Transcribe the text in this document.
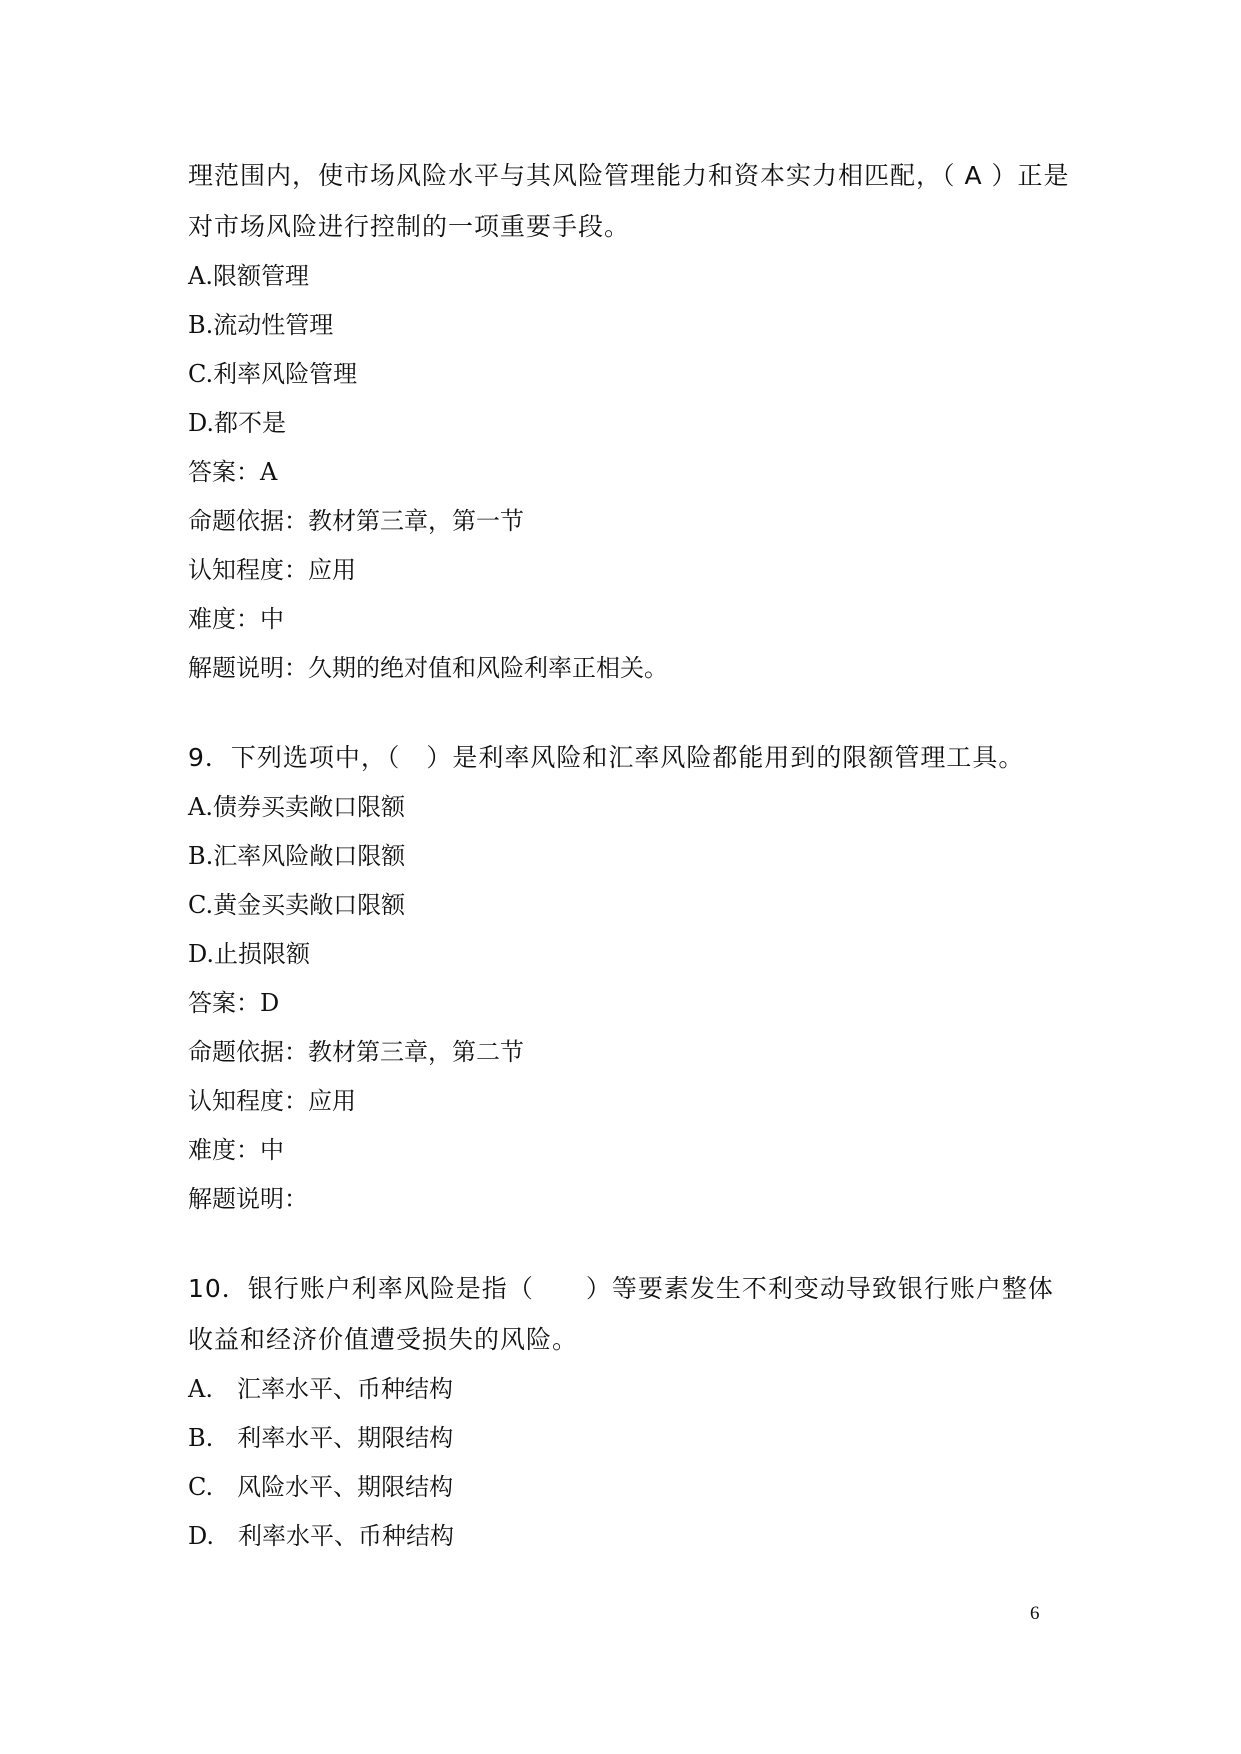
理范围内，使市场风险水平与其风险管理能力和资本实力相匹配，（ A ）正是对市场风险进行控制的一项重要手段。

A.限额管理

B.流动性管理

C.利率风险管理

D.都不是

答案：A

命题依据：教材第三章，第一节

认知程度：应用

难度：中

解题说明：久期的绝对值和风险利率正相关。

9．下列选项中，（　）是利率风险和汇率风险都能用到的限额管理工具。

A.债券买卖敞口限额

B.汇率风险敞口限额

C.黄金买卖敞口限额

D.止损限额

答案：D

命题依据：教材第三章，第二节

认知程度：应用

难度：中

解题说明：

10．银行账户利率风险是指（　　）等要素发生不利变动导致银行账户整体收益和经济价值遭受损失的风险。

A.　汇率水平、币种结构

B.　利率水平、期限结构

C.　风险水平、期限结构

D.　利率水平、币种结构

6
